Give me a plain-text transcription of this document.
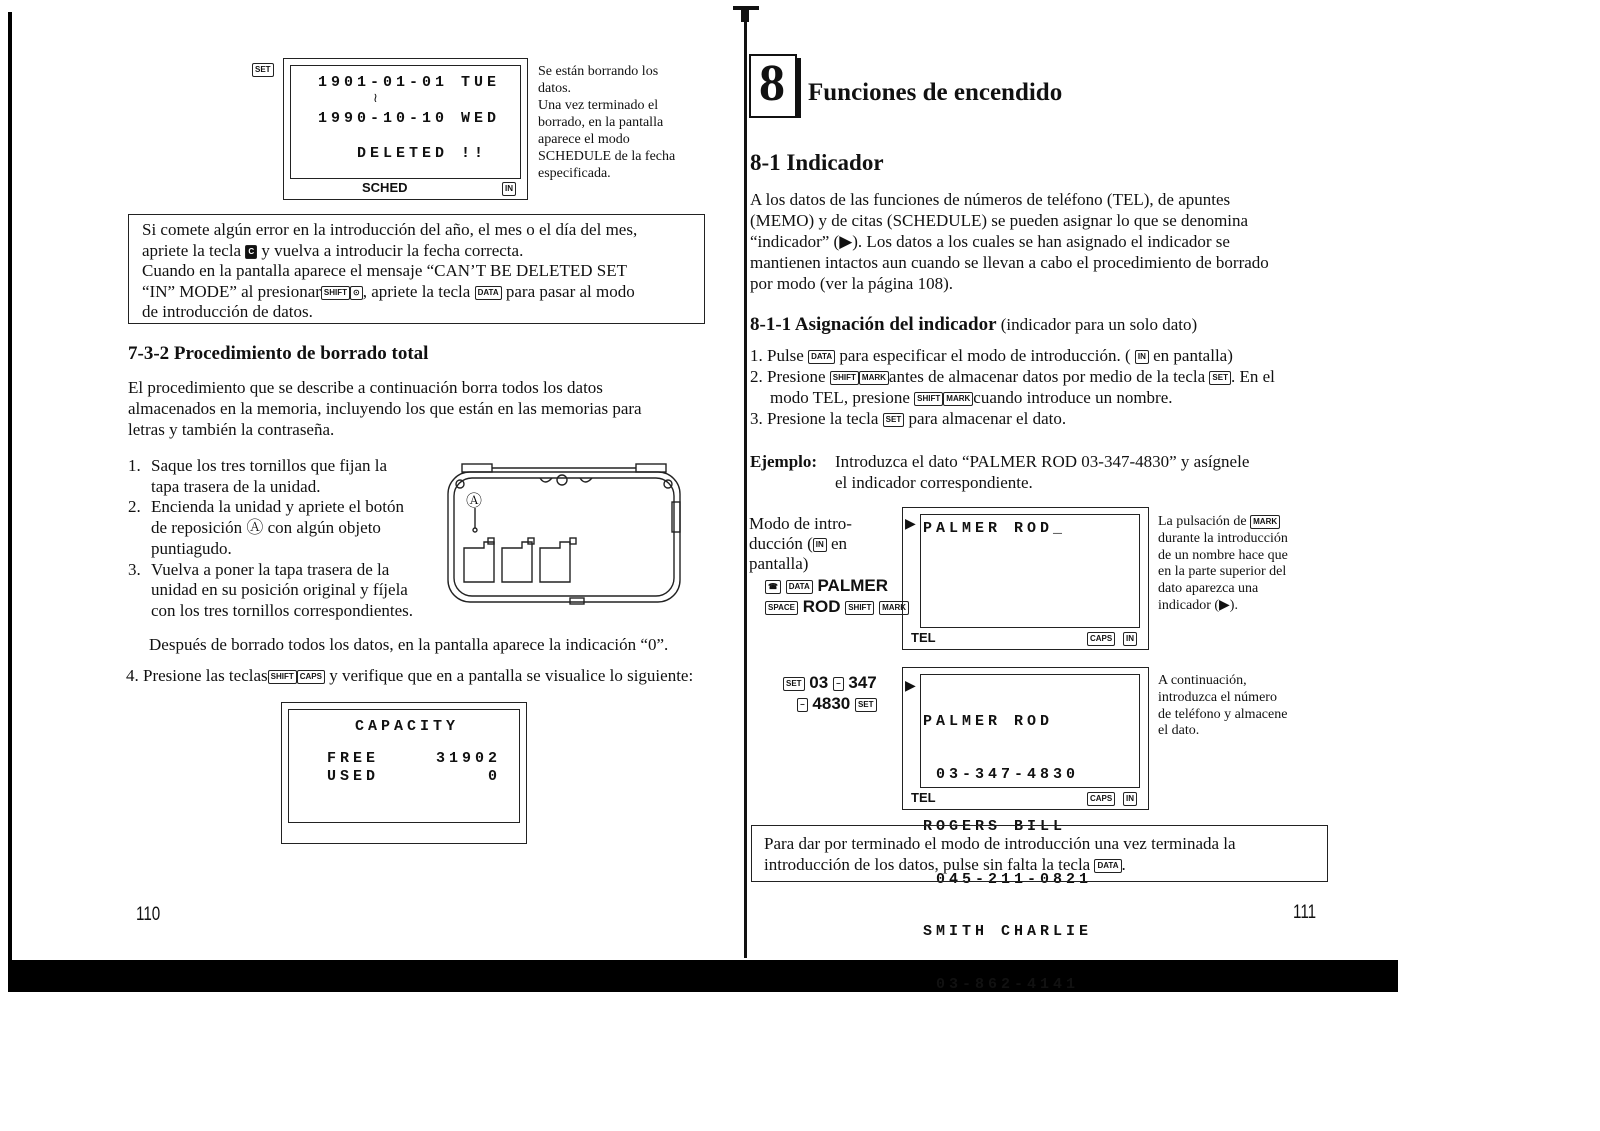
SET
1901-01-01 TUE
≀
1990-10-10 WED
DELETED !!
SCHED	IN
Se están borrando los
datos.
Una vez terminado el
borrado, en la pantalla
aparece el modo
SCHEDULE de la fecha
especificada.
Si comete algún error en la introducción del año, el mes o el día del mes,
apriete la tecla C y vuelva a introducir la fecha correcta.
Cuando en la pantalla aparece el mensaje “CAN’T BE DELETED SET
“IN” MODE” al presionar SHIFT ⊙ , apriete la tecla DATA para pasar al modo
de introducción de datos.
7-3-2 Procedimiento de borrado total
El procedimiento que se describe a continuación borra todos los datos
almacenados en la memoria, incluyendo los que están en las memorias para
letras y también la contraseña.
1. Saque los tres tornillos que fijan la
tapa trasera de la unidad.
2. Encienda la unidad y apriete el botón
de reposición Ⓐ con algún objeto
puntiagudo.
3. Vuelva a poner la tapa trasera de la
unidad en su posición original y fíjela
con los tres tornillos correspondientes.
Ⓐ
Después de borrado todos los datos, en la pantalla aparece la indicación “0”.
4. Presione las teclas SHIFT CAPS y verifique que en a pantalla se visualice lo siguiente:
CAPACITY
FREE	31902
USED	0
110
8 Funciones de encendido
8-1 Indicador
A los datos de las funciones de números de teléfono (TEL), de apuntes
(MEMO) y de citas (SCHEDULE) se pueden asignar lo que se denomina
“indicador” (▶). Los datos a los cuales se han asignado el indicador se
mantienen intactos aun cuando se llevan a cabo el procedimiento de borrado
por modo (ver la página 108).
8-1-1 Asignación del indicador (indicador para un solo dato)
1. Pulse DATA para especificar el modo de introducción. ( IN en pantalla)
2. Presione SHIFT MARK antes de almacenar datos por medio de la tecla SET . En el
modo TEL, presione SHIFT MARK cuando introduce un nombre.
3. Presione la tecla SET para almacenar el dato.
Ejemplo: Introduzca el dato “PALMER ROD 03-347-4830” y asígnele
el indicador correspondiente.
Modo de intro-
ducción ( IN en
pantalla)
☎ DATA PALMER
SPACE ROD SHIFT MARK
▶ PALMER ROD_
TEL	CAPS	IN
La pulsación de MARK
durante la introducción
de un nombre hace que
en la parte superior del
dato aparezca una
indicador (▶).
SET 03 − 347
− 4830 SET
▶

PALMER ROD

03-347-4830

ROGERS BILL

045-211-0821

SMITH CHARLIE

03-862-4141

TEL	CAPS	IN
A continuación,
introduzca el número
de teléfono y almacene
el dato.
Para dar por terminado el modo de introducción una vez terminada la
introducción de los datos, pulse sin falta la tecla DATA .
111
